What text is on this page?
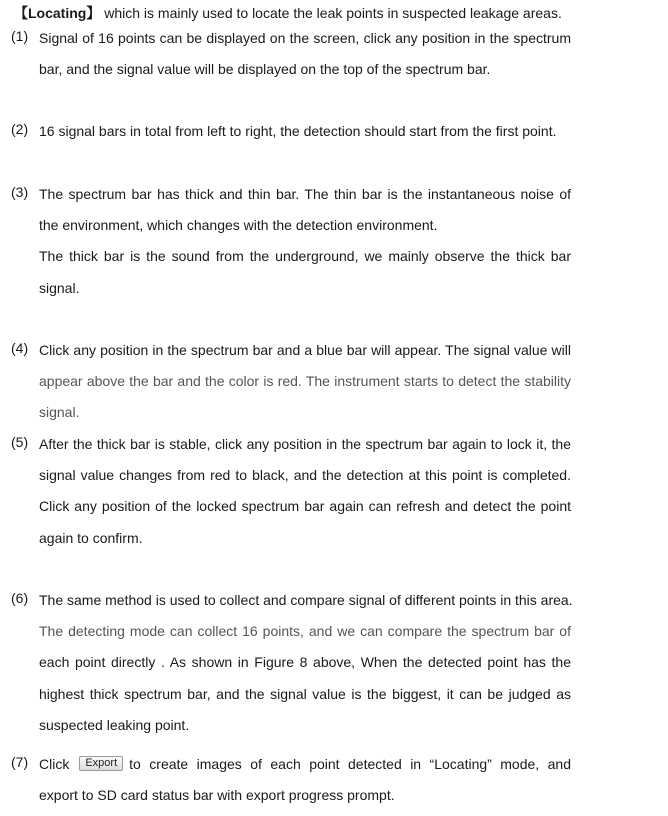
【Locating】 which is mainly used to locate the leak points in suspected leakage areas.
(1) Signal of 16 points can be displayed on the screen, click any position in the spectrum
bar, and the signal value will be displayed on the top of the spectrum bar.
(2) 16 signal bars in total from left to right, the detection should start from the first point.
(3) The spectrum bar has thick and thin bar. The thin bar is the instantaneous noise of
the environment, which changes with the detection environment.
The thick bar is the sound from the underground, we mainly observe the thick bar
signal.
(4) Click any position in the spectrum bar and a blue bar will appear. The signal value will
appear above the bar and the color is red. The instrument starts to detect the stability
signal.
(5) After the thick bar is stable, click any position in the spectrum bar again to lock it, the
signal value changes from red to black, and the detection at this point is completed.
Click any position of the locked spectrum bar again can refresh and detect the point
again to confirm.
(6) The same method is used to collect and compare signal of different points in this area.
The detecting mode can collect 16 points, and we can compare the spectrum bar of
each point directly . As shown in Figure 8 above, When the detected point has the
highest thick spectrum bar, and the signal value is the biggest, it can be judged as
suspected leaking point.
(7) Click Export to create images of each point detected in “Locating” mode, and
export to SD card status bar with export progress prompt.
